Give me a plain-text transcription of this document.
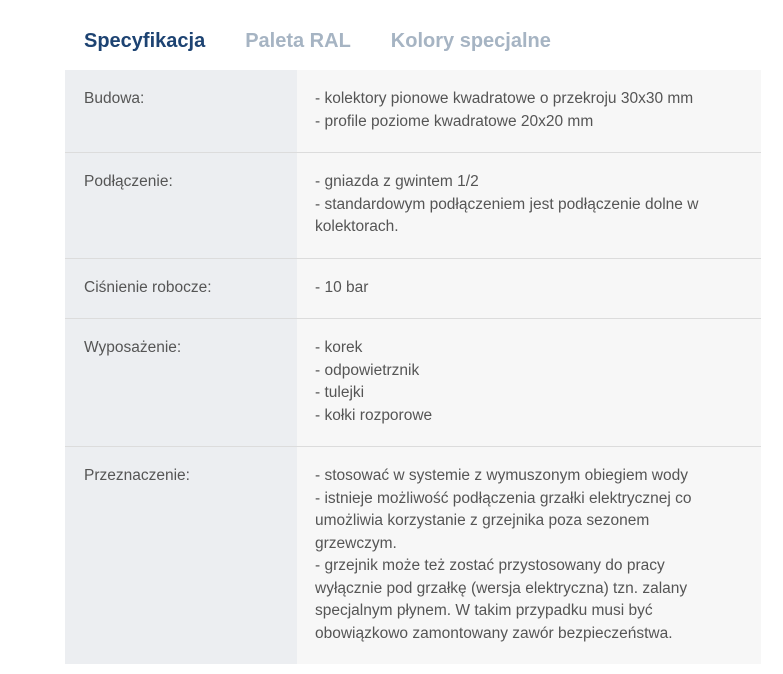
Specyfikacja Paleta RAL Kolory specjalne
Budowa:	- kolektory pionowe kwadratowe o przekroju 30x30 mm
- profile poziome kwadratowe 20x20 mm

Podłączenie:	- gniazda z gwintem 1/2
- standardowym podłączeniem jest podłączenie dolne w kolektorach.

Ciśnienie robocze:	- 10 bar

Wyposażenie:	- korek
- odpowietrznik
- tulejki
- kołki rozporowe

Przeznaczenie:	- stosować w systemie z wymuszonym obiegiem wody
- istnieje możliwość podłączenia grzałki elektrycznej co umożliwia korzystanie z grzejnika poza sezonem grzewczym.
- grzejnik może też zostać przystosowany do pracy wyłącznie pod grzałkę (wersja elektryczna) tzn. zalany specjalnym płynem. W takim przypadku musi być obowiązkowo zamontowany zawór bezpieczeństwa.
